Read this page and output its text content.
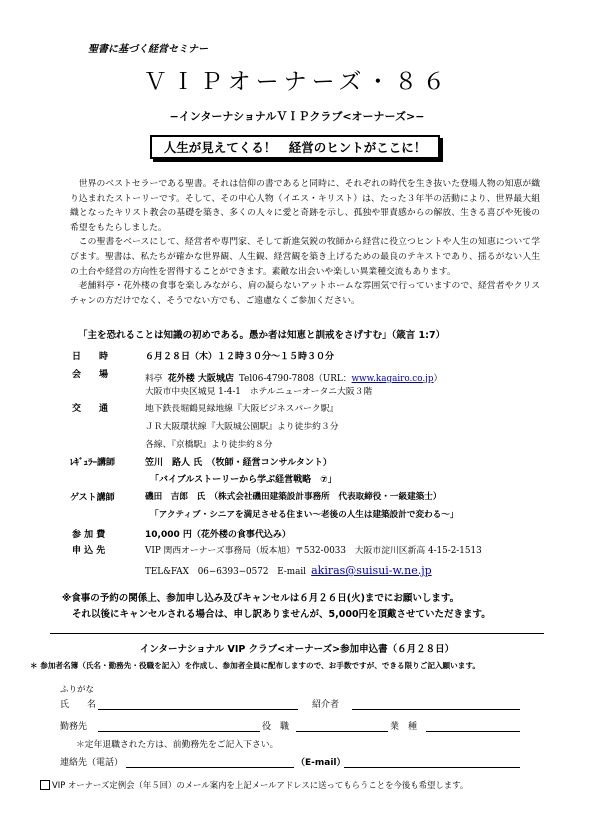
聖書に基づく経営セミナー
ＶＩＰオーナーズ・８６
−インターナショナルＶＩＰクラブ<オーナーズ>−
人生が見えてくる！　経営のヒントがここに！

世界のベストセラーである聖書。それは信仰の書であると同時に、それぞれの時代を生き抜いた登場人物の知恵が織り込まれたストーリーです。そして、その中心人物（イエス・キリスト）は、たった３年半の活動により、世界最大組織となったキリスト教会の基礎を築き、多くの人々に愛と奇跡を示し、孤独や罪責感からの解放、生きる喜びや死後の希望をもたらしました。

この聖書をベースにして、経営者や専門家、そして新進気鋭の牧師から経営に役立つヒントや人生の知恵について学びます。聖書は、私たちが確かな世界観、人生観、経営観を築き上げるための最良のテキストであり、揺るがない人生の土台や経営の方向性を習得することができます。素敵な出会いや楽しい異業種交流もあります。

老舗料亭・花外楼の食事を楽しみながら、肩の凝らないアットホームな雰囲気で行っていますので、経営者やクリスチャンの方だけでなく、そうでない方でも、ご遠慮なくご参加ください。

「主を恐れることは知識の初めである。愚か者は知恵と訓戒をさげすむ」（箴言 1:7）
日　　時	６月２８日（木）１２時３０分〜１５時３０分
会　　場	料亭 花外楼 大阪城店 Tel06-4790-7808（URL：www.kagairo.co.jp）
大阪市中央区城見 1-4-1　ホテルニューオータニ大阪３階
交　　通	地下鉄長堀鶴見緑地線『大阪ビジネスパーク駅』
ＪＲ大阪環状線『大阪城公園駅』より徒歩約３分
各線、『京橋駅』より徒歩約８分
ﾚｷﾞｭﾗｰ講師	笠川　路人 氏　（牧師・経営コンサルタント）
「バイブルストーリーから学ぶ経営戦略　⑦」
ゲスト講師	磯田　吉郎　氏　（株式会社磯田建築設計事務所　代表取締役・一級建築士）
「アクティブ・シニアを満足させる住まい〜老後の人生は建築設計で変わる〜」
参 加 費	10,000 円（花外楼の食事代込み）
申 込 先	VIP 関西オーナーズ事務局（坂本旭）〒532-0033　大阪市淀川区新高 4-15-2-1513
TEL&FAX　06−6393−0572　E-mail akiras@suisui-w.ne.jp
※食事の予約の関係上、参加申し込み及びキャンセルは６月２６日(火)までにお願いします。
それ以後にキャンセルされる場合は、申し訳ありませんが、5,000円を頂戴させていただきます。
インターナショナル VIP クラブ<オーナーズ>参加申込書（６月２８日）
＊ 参加者名簿（氏名・勤務先・役職を記入）を作成し、参加者全員に配布しますので、お手数ですが、できる限りご記入願います。
ふりがな
氏　　名	紹介者
勤務先	役　職	業　種
＊定年退職された方は、前勤務先をご記入下さい。
連絡先（電話）	（E-mail）
VIP オーナーズ定例会（年５回）のメール案内を上記メールアドレスに送ってもらうことを今後も希望します。
